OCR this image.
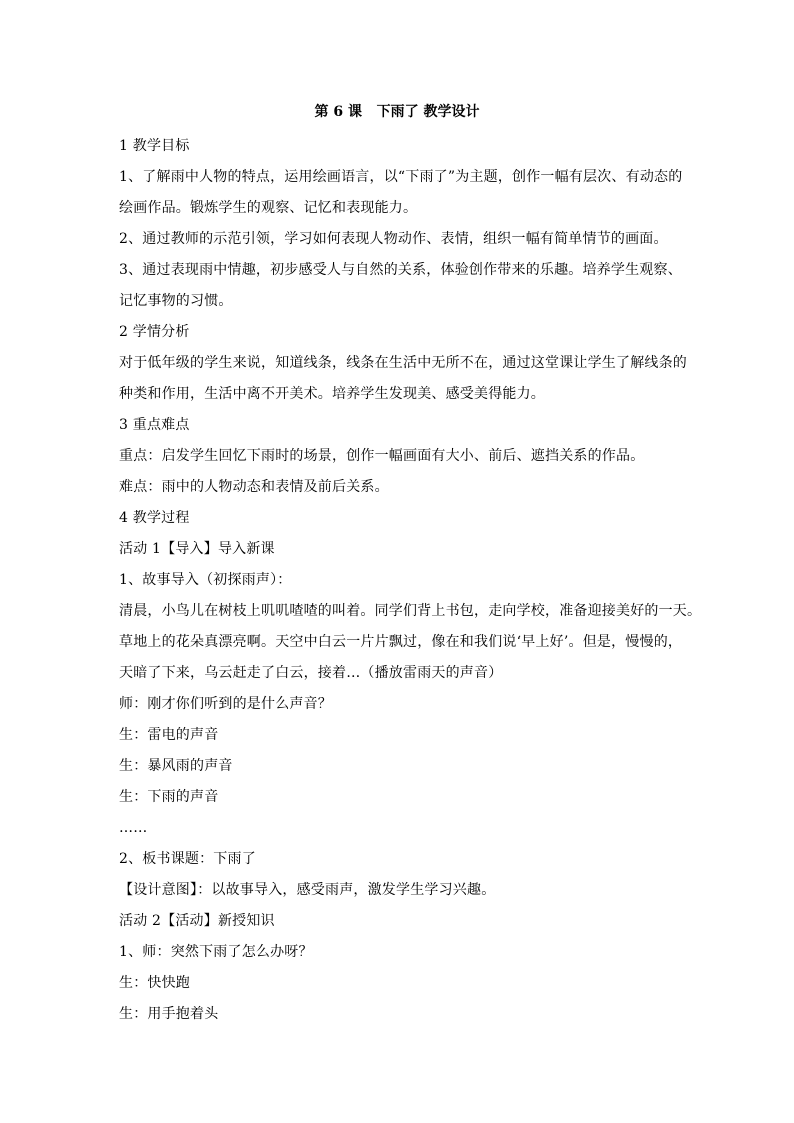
第 6 课   下雨了 教学设计
1 教学目标
1、了解雨中人物的特点，运用绘画语言，以“下雨了”为主题，创作一幅有层次、有动态的
绘画作品。锻炼学生的观察、记忆和表现能力。
2、通过教师的示范引领，学习如何表现人物动作、表情，组织一幅有简单情节的画面。
3、通过表现雨中情趣，初步感受人与自然的关系，体验创作带来的乐趣。培养学生观察、
记忆事物的习惯。
2 学情分析
对于低年级的学生来说，知道线条，线条在生活中无所不在，通过这堂课让学生了解线条的
种类和作用，生活中离不开美术。培养学生发现美、感受美得能力。
3 重点难点
重点：启发学生回忆下雨时的场景，创作一幅画面有大小、前后、遮挡关系的作品。
难点：雨中的人物动态和表情及前后关系。
4 教学过程
活动 1【导入】导入新课
1、故事导入（初探雨声）：
清晨，小鸟儿在树枝上叽叽喳喳的叫着。同学们背上书包，走向学校，准备迎接美好的一天。
草地上的花朵真漂亮啊。天空中白云一片片飘过，像在和我们说‘早上好’。但是，慢慢的，
天暗了下来，乌云赶走了白云，接着…（播放雷雨天的声音）
师：刚才你们听到的是什么声音？
生：雷电的声音
生：暴风雨的声音
生：下雨的声音
……
2、板书课题：下雨了
【设计意图】：以故事导入，感受雨声，激发学生学习兴趣。
活动 2【活动】新授知识
1、师：突然下雨了怎么办呀？
生：快快跑
生：用手抱着头
